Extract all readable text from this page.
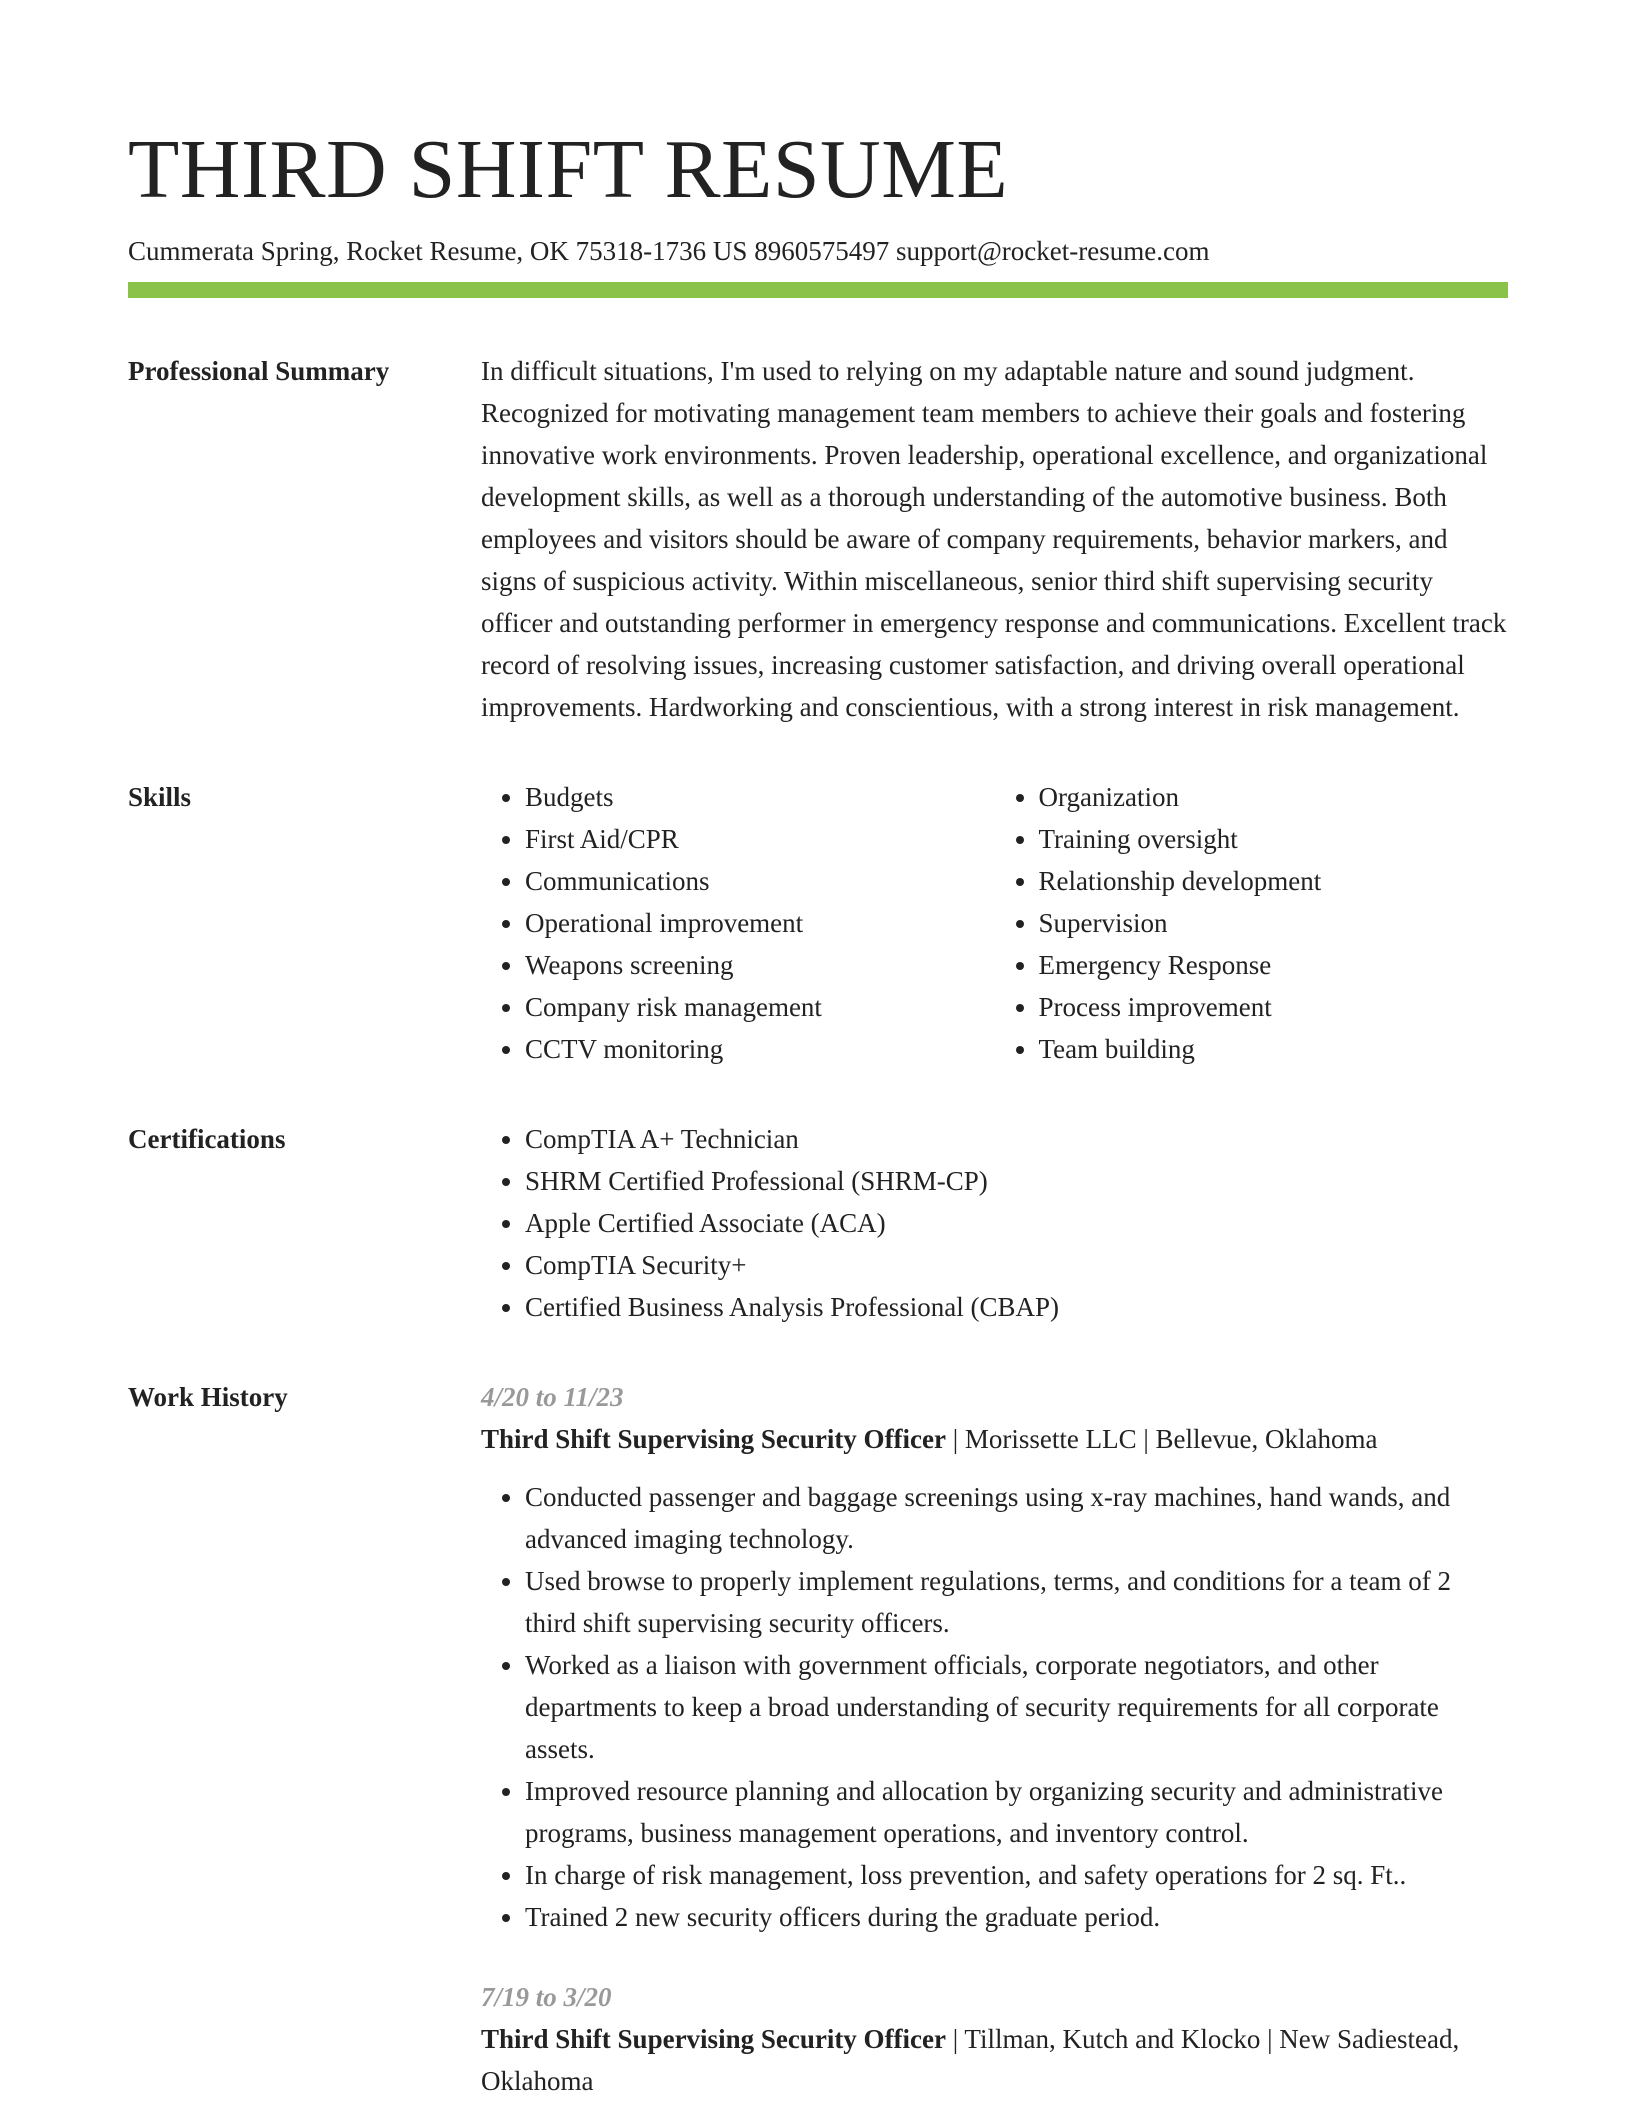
THIRD SHIFT RESUME
Cummerata Spring, Rocket Resume, OK 75318-1736 US 8960575497 support@rocket-resume.com
Professional Summary	In difficult situations, I'm used to relying on my adaptable nature and sound judgment. Recognized for motivating management team members to achieve their goals and fostering innovative work environments. Proven leadership, operational excellence, and organizational development skills, as well as a thorough understanding of the automotive business. Both employees and visitors should be aware of company requirements, behavior markers, and signs of suspicious activity. Within miscellaneous, senior third shift supervising security officer and outstanding performer in emergency response and communications. Excellent track record of resolving issues, increasing customer satisfaction, and driving overall operational improvements. Hardworking and conscientious, with a strong interest in risk management.

Skills	• Budgets
• First Aid/CPR
• Communications
• Operational improvement
• Weapons screening
• Company risk management
• CCTV monitoring
• Organization
• Training oversight
• Relationship development
• Supervision
• Emergency Response
• Process improvement
• Team building
Certifications	• CompTIA A+ Technician
• SHRM Certified Professional (SHRM-CP)
• Apple Certified Associate (ACA)
• CompTIA Security+
• Certified Business Analysis Professional (CBAP)
Work History	4/20 to 11/23
Third Shift Supervising Security Officer | Morissette LLC | Bellevue, Oklahoma
• Conducted passenger and baggage screenings using x-ray machines, hand wands, and advanced imaging technology.
• Used browse to properly implement regulations, terms, and conditions for a team of 2 third shift supervising security officers.
• Worked as a liaison with government officials, corporate negotiators, and other departments to keep a broad understanding of security requirements for all corporate assets.
• Improved resource planning and allocation by organizing security and administrative programs, business management operations, and inventory control.
• In charge of risk management, loss prevention, and safety operations for 2 sq. Ft..
• Trained 2 new security officers during the graduate period.
7/19 to 3/20
Third Shift Supervising Security Officer | Tillman, Kutch and Klocko | New Sadiestead, Oklahoma
